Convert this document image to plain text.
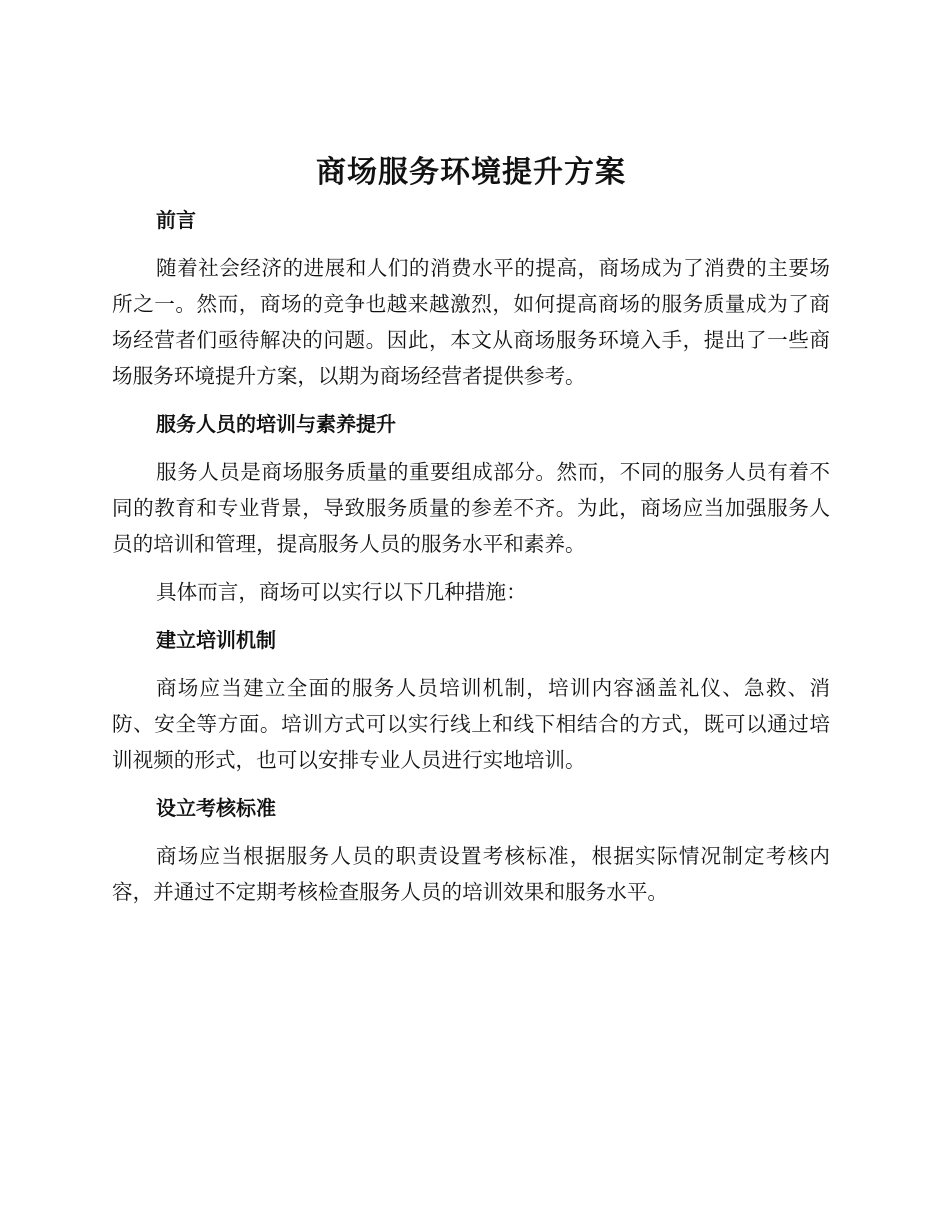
商场服务环境提升方案
前言

随着社会经济的进展和人们的消费水平的提高，商场成为了消费的主要场所之一。然而，商场的竞争也越来越激烈，如何提高商场的服务质量成为了商场经营者们亟待解决的问题。因此，本文从商场服务环境入手，提出了一些商场服务环境提升方案，以期为商场经营者提供参考。

服务人员的培训与素养提升

服务人员是商场服务质量的重要组成部分。然而，不同的服务人员有着不同的教育和专业背景，导致服务质量的参差不齐。为此，商场应当加强服务人员的培训和管理，提高服务人员的服务水平和素养。

具体而言，商场可以实行以下几种措施：

建立培训机制

商场应当建立全面的服务人员培训机制，培训内容涵盖礼仪、急救、消防、安全等方面。培训方式可以实行线上和线下相结合的方式，既可以通过培训视频的形式，也可以安排专业人员进行实地培训。

设立考核标准

商场应当根据服务人员的职责设置考核标准，根据实际情况制定考核内容，并通过不定期考核检查服务人员的培训效果和服务水平。
